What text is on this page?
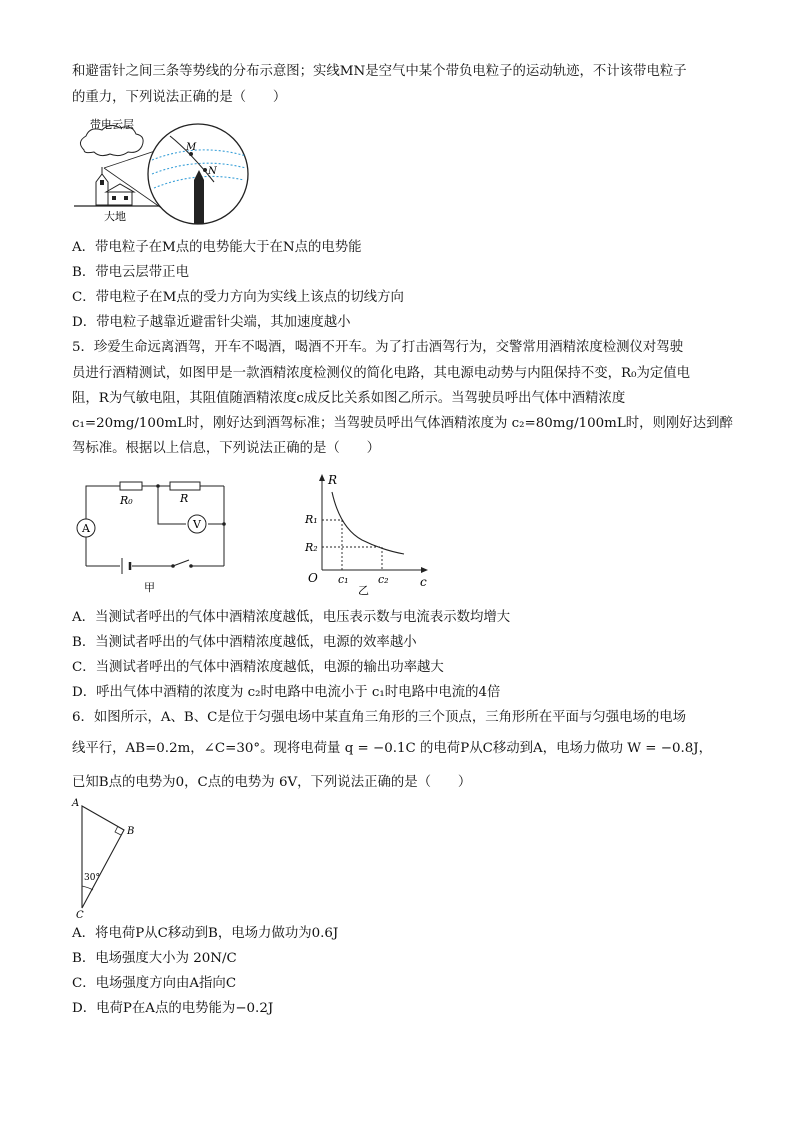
和避雷针之间三条等势线的分布示意图；实线MN是空气中某个带负电粒子的运动轨迹，不计该带电粒子
的重力，下列说法正确的是（　　）
带电云层
大地
M
N
A．带电粒子在M点的电势能大于在N点的电势能
B．带电云层带正电
C．带电粒子在M点的受力方向为实线上该点的切线方向
D．带电粒子越靠近避雷针尖端，其加速度越小
5．珍爱生命远离酒驾，开车不喝酒，喝酒不开车。为了打击酒驾行为，交警常用酒精浓度检测仪对驾驶
员进行酒精测试，如图甲是一款酒精浓度检测仪的简化电路，其电源电动势与内阻保持不变，R₀为定值电
阻，R为气敏电阻，其阻值随酒精浓度c成反比关系如图乙所示。当驾驶员呼出气体中酒精浓度
c₁=20mg/100mL时，刚好达到酒驾标准；当驾驶员呼出气体酒精浓度为 c₂=80mg/100mL时，则刚好达到醉
驾标准。根据以上信息，下列说法正确的是（　　）
R₀	R
A	V
甲
R
c
O
R₁
R₂
c₁	c₂
乙
A．当测试者呼出的气体中酒精浓度越低，电压表示数与电流表示数均增大
B．当测试者呼出的气体中酒精浓度越低，电源的效率越小
C．当测试者呼出的气体中酒精浓度越低，电源的输出功率越大
D．呼出气体中酒精的浓度为 c₂时电路中电流小于 c₁时电路中电流的4倍
6．如图所示，A、B、C是位于匀强电场中某直角三角形的三个顶点，三角形所在平面与匀强电场的电场
线平行，AB=0.2m，∠C=30°。现将电荷量 q = −0.1C 的电荷P从C移动到A，电场力做功 W = −0.8J，
已知B点的电势为0，C点的电势为 6V，下列说法正确的是（　　）
A
B
C
30°
A．将电荷P从C移动到B，电场力做功为0.6J
B．电场强度大小为 20N/C
C．电场强度方向由A指向C
D．电荷P在A点的电势能为−0.2J
